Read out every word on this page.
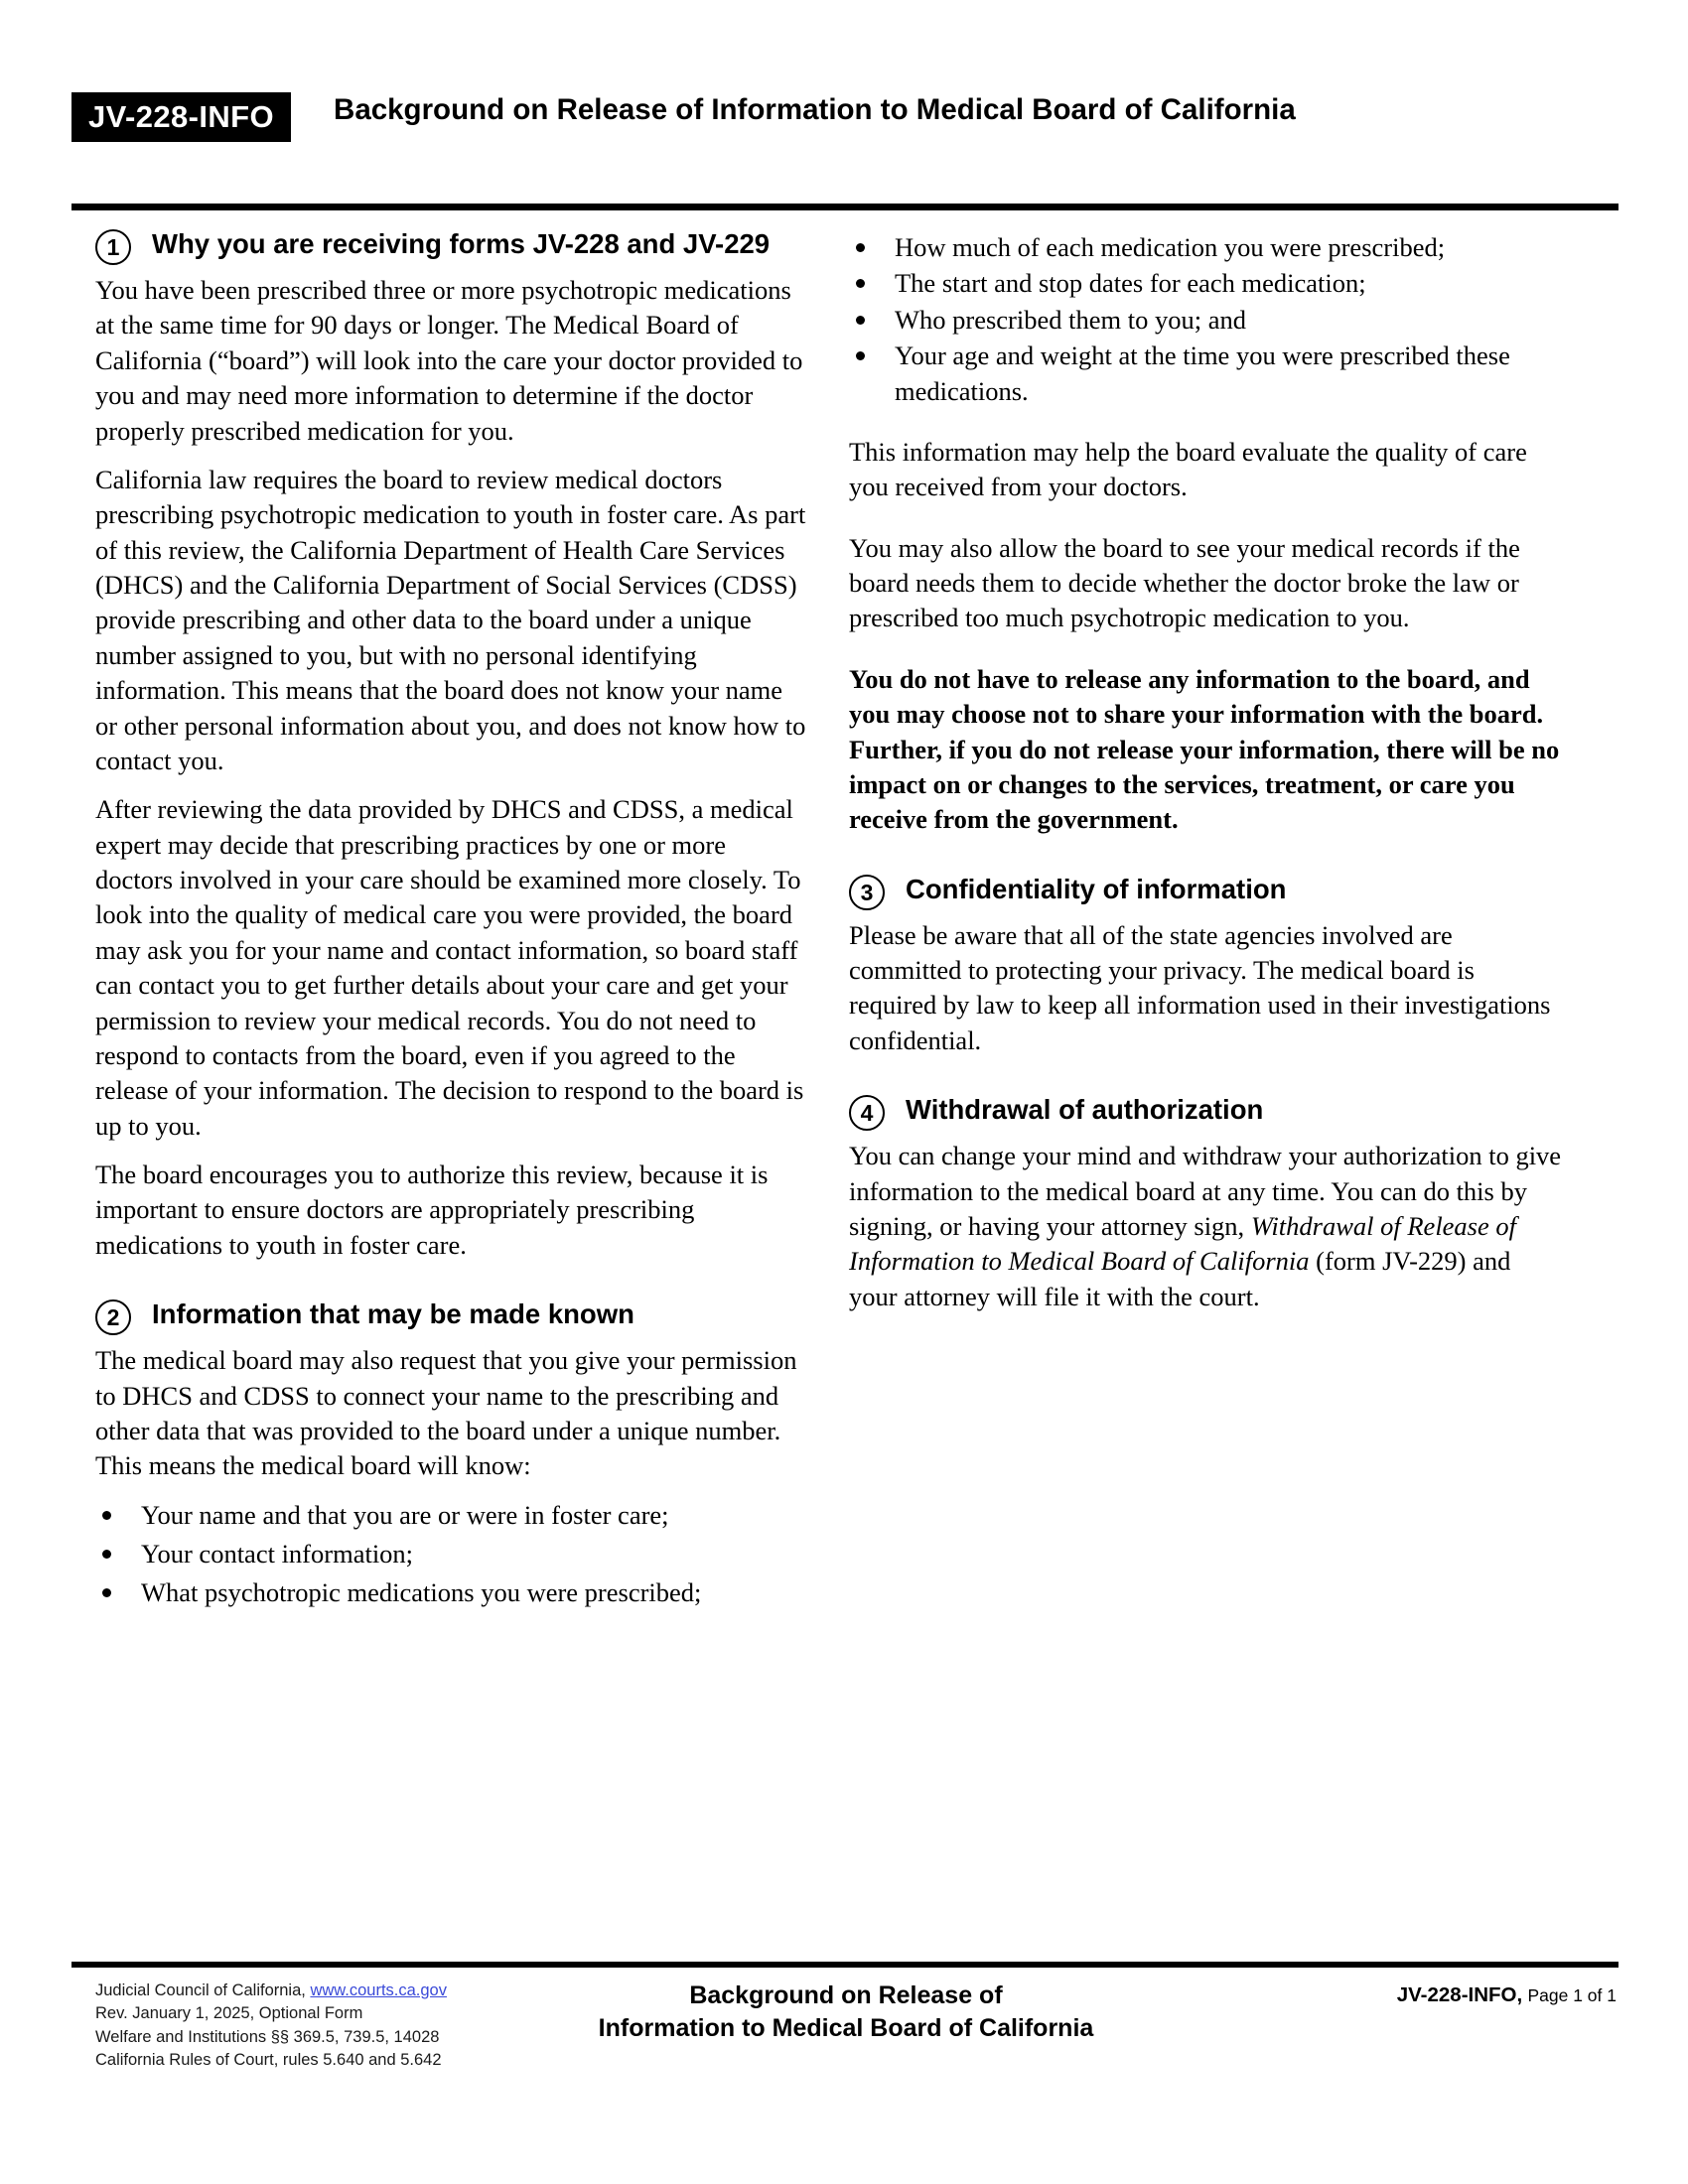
JV-228-INFO	Background on Release of Information to Medical Board of California
1	Why you are receiving forms JV-228 and JV-229

You have been prescribed three or more psychotropic medications at the same time for 90 days or longer. The Medical Board of California (“board”) will look into the care your doctor provided to you and may need more information to determine if the doctor properly prescribed medication for you.

California law requires the board to review medical doctors prescribing psychotropic medication to youth in foster care. As part of this review, the California Department of Health Care Services (DHCS) and the California Department of Social Services (CDSS) provide prescribing and other data to the board under a unique number assigned to you, but with no personal identifying information. This means that the board does not know your name or other personal information about you, and does not know how to contact you.

After reviewing the data provided by DHCS and CDSS, a medical expert may decide that prescribing practices by one or more doctors involved in your care should be examined more closely. To look into the quality of medical care you were provided, the board may ask you for your name and contact information, so board staff can contact you to get further details about your care and get your permission to review your medical records. You do not need to respond to contacts from the board, even if you agreed to the release of your information. The decision to respond to the board is up to you.

The board encourages you to authorize this review, because it is important to ensure doctors are appropriately prescribing medications to youth in foster care.

2	Information that may be made known

The medical board may also request that you give your permission to DHCS and CDSS to connect your name to the prescribing and other data that was provided to the board under a unique number. This means the medical board will know:

Your name and that you are or were in foster care;
Your contact information;
What psychotropic medications you were prescribed;
How much of each medication you were prescribed;
The start and stop dates for each medication;
Who prescribed them to you; and
Your age and weight at the time you were prescribed these medications.

This information may help the board evaluate the quality of care you received from your doctors.

You may also allow the board to see your medical records if the board needs them to decide whether the doctor broke the law or prescribed too much psychotropic medication to you.

You do not have to release any information to the board, and you may choose not to share your information with the board. Further, if you do not release your information, there will be no impact on or changes to the services, treatment, or care you receive from the government.

3	Confidentiality of information

Please be aware that all of the state agencies involved are committed to protecting your privacy. The medical board is required by law to keep all information used in their investigations confidential.

4	Withdrawal of authorization

You can change your mind and withdraw your authorization to give information to the medical board at any time. You can do this by signing, or having your attorney sign, Withdrawal of Release of Information to Medical Board of California (form JV-229) and your attorney will file it with the court.

Judicial Council of California, www.courts.ca.gov
Rev. January 1, 2025, Optional Form
Welfare and Institutions §§ 369.5, 739.5, 14028
California Rules of Court, rules 5.640 and 5.642
Background on Release of
Information to Medical Board of California
JV-228-INFO, Page 1 of 1
